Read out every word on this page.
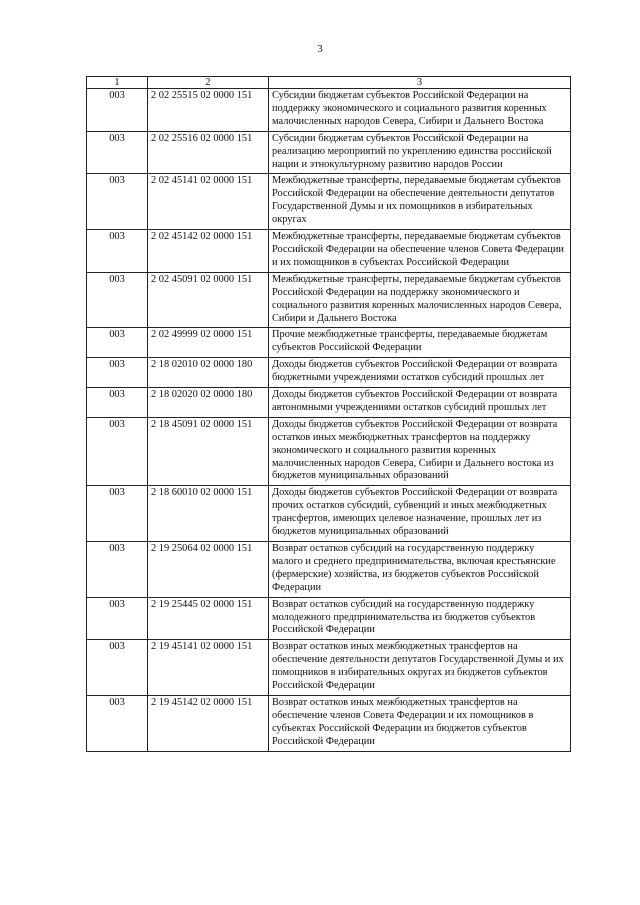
3
1	2	3
003	2 02 25515 02 0000 151	Субсидии бюджетам субъектов Российской Федерации на поддержку экономического и социального развития коренных малочисленных народов Севера, Сибири и Дальнего Востока
003	2 02 25516 02 0000 151	Субсидии бюджетам субъектов Российской Федерации на реализацию мероприятий по укреплению единства российской нации и этнокультурному развитию народов России
003	2 02 45141 02 0000 151	Межбюджетные трансферты, передаваемые бюджетам субъектов Российской Федерации на обеспечение деятельности депутатов Государственной Думы и их помощников в избирательных округах
003	2 02 45142 02 0000 151	Межбюджетные трансферты, передаваемые бюджетам субъектов Российской Федерации на обеспечение членов Совета Федерации и их помощников в субъектах Российской Федерации
003	2 02 45091 02 0000 151	Межбюджетные трансферты, передаваемые бюджетам субъектов Российской Федерации на поддержку экономического и социального развития коренных малочисленных народов Севера, Сибири и Дальнего Востока
003	2 02 49999 02 0000 151	Прочие межбюджетные трансферты, передаваемые бюджетам субъектов Российской Федерации
003	2 18 02010 02 0000 180	Доходы бюджетов субъектов Российской Федерации от возврата бюджетными учреждениями остатков субсидий прошлых лет
003	2 18 02020 02 0000 180	Доходы бюджетов субъектов Российской Федерации от возврата автономными учреждениями остатков субсидий прошлых лет
003	2 18 45091 02 0000 151	Доходы бюджетов субъектов Российской Федерации от возврата остатков иных межбюджетных трансфертов на поддержку экономического и социального развития коренных малочисленных народов Севера, Сибири и Дальнего востока из бюджетов муниципальных образований
003	2 18 60010 02 0000 151	Доходы бюджетов субъектов Российской Федерации от возврата прочих остатков субсидий, субвенций и иных межбюджетных трансфертов, имеющих целевое назначение, прошлых лет из бюджетов муниципальных образований
003	2 19 25064 02 0000 151	Возврат остатков субсидий на государственную поддержку малого и среднего предпринимательства, включая крестьянские (фермерские) хозяйства, из бюджетов субъектов Российской Федерации
003	2 19 25445 02 0000 151	Возврат остатков субсидий на государственную поддержку молодежного предпринимательства из бюджетов субъектов Российской Федерации
003	2 19 45141 02 0000 151	Возврат остатков иных межбюджетных трансфертов на обеспечение деятельности депутатов Государственной Думы и их помощников в избирательных округах из бюджетов субъектов Российской Федерации
003	2 19 45142 02 0000 151	Возврат остатков иных межбюджетных трансфертов на обеспечение членов Совета Федерации и их помощников в субъектах Российской Федерации из бюджетов субъектов Российской Федерации
